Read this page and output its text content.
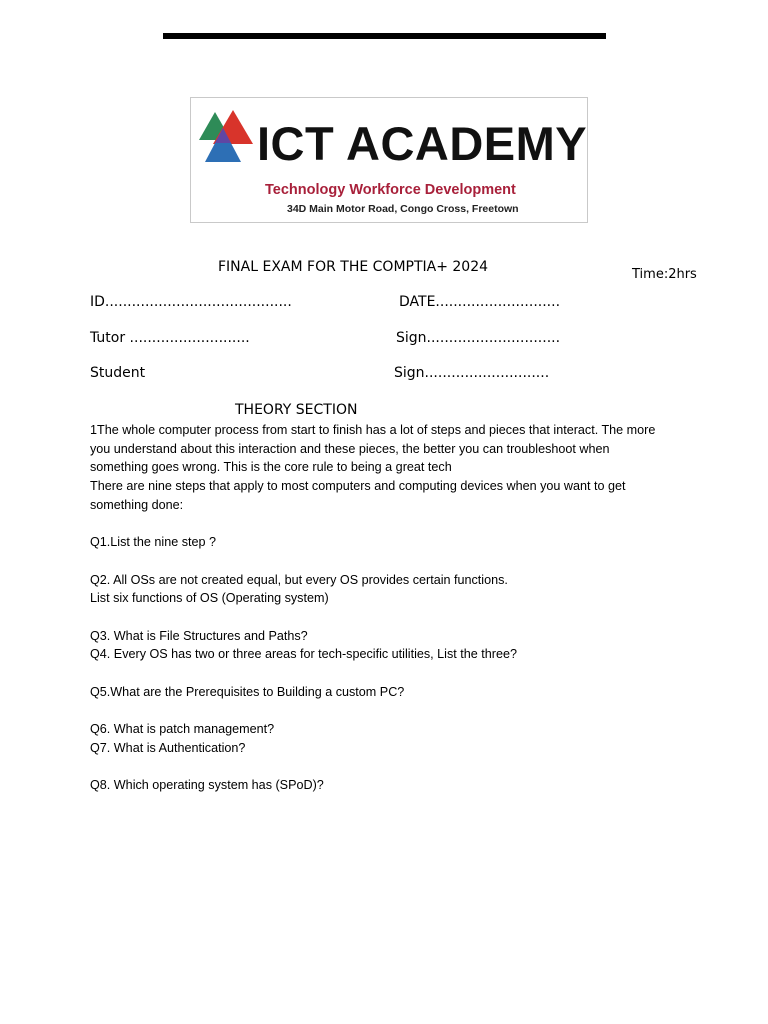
ICT ACADEMY
Technology Workforce Development
34D Main Motor Road, Congo Cross, Freetown
FINAL EXAM FOR THE COMPTIA+ 2024	Time:2hrs
ID..........................................	DATE............................
Tutor ...........................	Sign..............................
Student	Sign............................
THEORY SECTION

1The whole computer process from start to finish has a lot of steps and pieces that interact. The more

you understand about this interaction and these pieces, the better you can troubleshoot when

something goes wrong. This is the core rule to being a great tech

There are nine steps that apply to most computers and computing devices when you want to get

something done:

Q1.List the nine step ?

Q2. All OSs are not created equal, but every OS provides certain functions.

List six functions of OS (Operating system)

Q3. What is File Structures and Paths?

Q4. Every OS has two or three areas for tech-specific utilities, List the three?

Q5.What are the Prerequisites to Building a custom PC?

Q6. What is patch management?

Q7. What is Authentication?

Q8. Which operating system has (SPoD)?
